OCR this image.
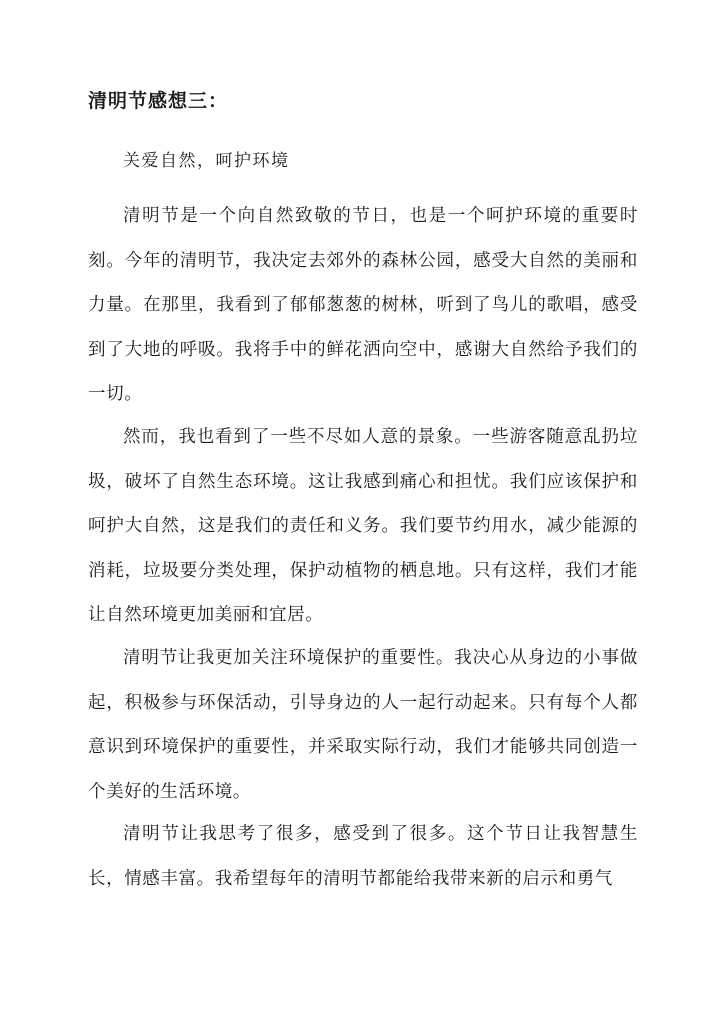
清明节感想三：

关爱自然，呵护环境

清明节是一个向自然致敬的节日，也是一个呵护环境的重要时刻。今年的清明节，我决定去郊外的森林公园，感受大自然的美丽和力量。在那里，我看到了郁郁葱葱的树林，听到了鸟儿的歌唱，感受到了大地的呼吸。我将手中的鲜花洒向空中，感谢大自然给予我们的一切。

然而，我也看到了一些不尽如人意的景象。一些游客随意乱扔垃圾，破坏了自然生态环境。这让我感到痛心和担忧。我们应该保护和呵护大自然，这是我们的责任和义务。我们要节约用水，减少能源的消耗，垃圾要分类处理，保护动植物的栖息地。只有这样，我们才能让自然环境更加美丽和宜居。

清明节让我更加关注环境保护的重要性。我决心从身边的小事做起，积极参与环保活动，引导身边的人一起行动起来。只有每个人都意识到环境保护的重要性，并采取实际行动，我们才能够共同创造一个美好的生活环境。

清明节让我思考了很多，感受到了很多。这个节日让我智慧生长，情感丰富。我希望每年的清明节都能给我带来新的启示和勇气
